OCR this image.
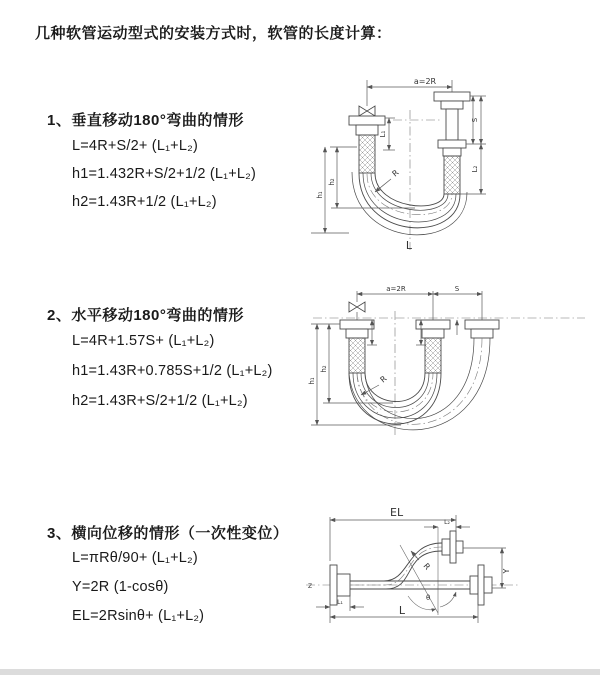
几种软管运动型式的安装方式时，软管的长度计算：
1、垂直移动180°弯曲的情形
L=4R+S/2+ (L₁+L₂)
h1=1.432R+S/2+1/2 (L₁+L₂)
h2=1.43R+1/2 (L₁+L₂)
2、水平移动180°弯曲的情形
L=4R+1.57S+ (L₁+L₂)
h1=1.43R+0.785S+1/2 (L₁+L₂)
h2=1.43R+S/2+1/2 (L₁+L₂)
3、横向位移的情形（一次性变位）
L=πRθ/90+ (L₁+L₂)
Y=2R (1-cosθ)
EL=2Rsinθ+ (L₁+L₂)
a=2R
h₁
h₂
L₁
S
L₂
R
L
a=2R	S
h₁
h₂
R
EL
L₂
Y
R
θ
L
L₁
Z
